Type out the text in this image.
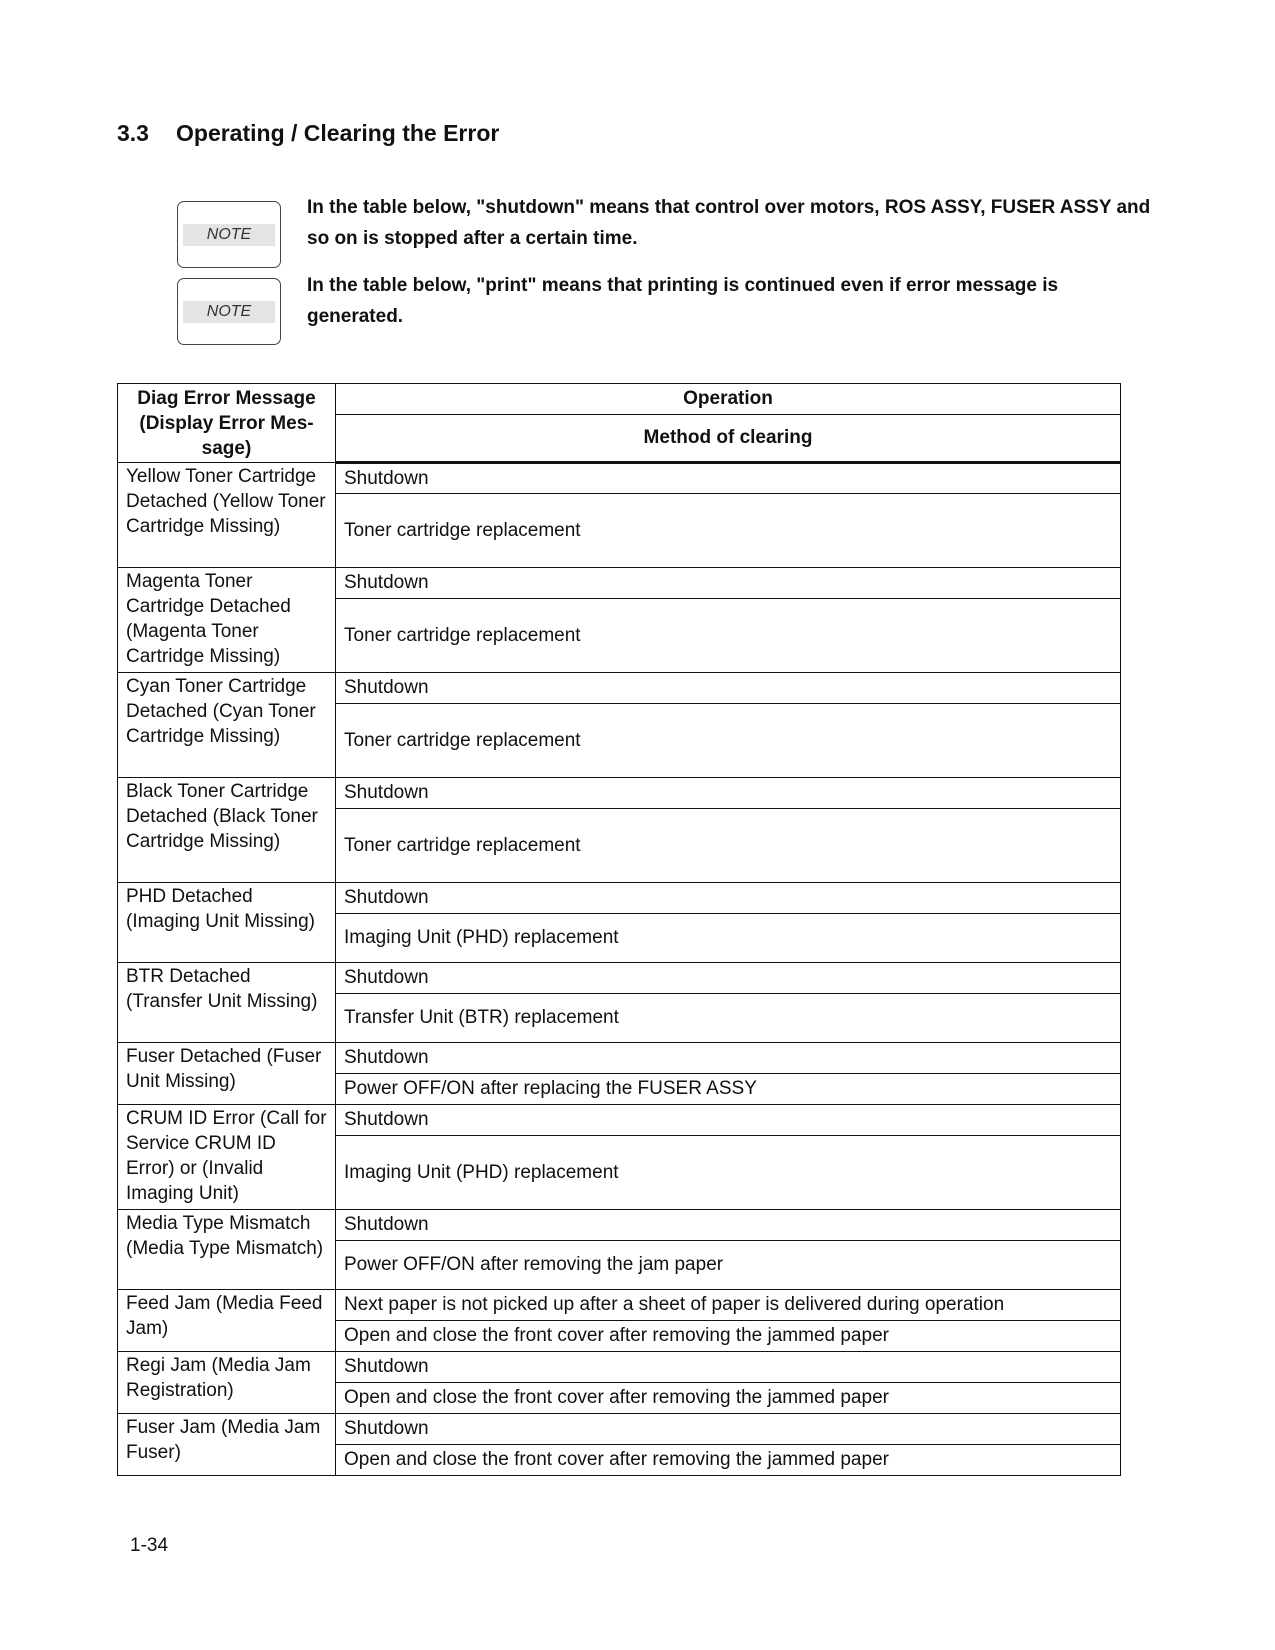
3.3 Operating / Clearing the Error
NOTE

In the table below, "shutdown" means that control over motors, ROS ASSY, FUSER ASSY and so on is stopped after a certain time.

NOTE

In the table below, "print" means that printing is continued even if error message is generated.

Diag Error Message (Display Error Mes-sage)	Operation
	Method of clearing
Yellow Toner Cartridge Detached (Yellow Toner Cartridge Missing)	Shutdown
	Toner cartridge replacement
Magenta Toner Cartridge Detached (Magenta Toner Cartridge Missing)	Shutdown
	Toner cartridge replacement
Cyan Toner Cartridge Detached (Cyan Toner Cartridge Missing)	Shutdown
	Toner cartridge replacement
Black Toner Cartridge Detached (Black Toner Cartridge Missing)	Shutdown
	Toner cartridge replacement
PHD Detached (Imaging Unit Missing)	Shutdown
	Imaging Unit (PHD) replacement
BTR Detached (Transfer Unit Missing)	Shutdown
	Transfer Unit (BTR) replacement
Fuser Detached (Fuser Unit Missing)	Shutdown
	Power OFF/ON after replacing the FUSER ASSY
CRUM ID Error (Call for Service CRUM ID Error) or (Invalid Imaging Unit)	Shutdown
	Imaging Unit (PHD) replacement
Media Type Mismatch (Media Type Mismatch)	Shutdown
	Power OFF/ON after removing the jam paper
Feed Jam (Media Feed Jam)	Next paper is not picked up after a sheet of paper is delivered during operation
	Open and close the front cover after removing the jammed paper
Regi Jam (Media Jam Registration)	Shutdown
	Open and close the front cover after removing the jammed paper
Fuser Jam (Media Jam Fuser)	Shutdown
	Open and close the front cover after removing the jammed paper

1-34
